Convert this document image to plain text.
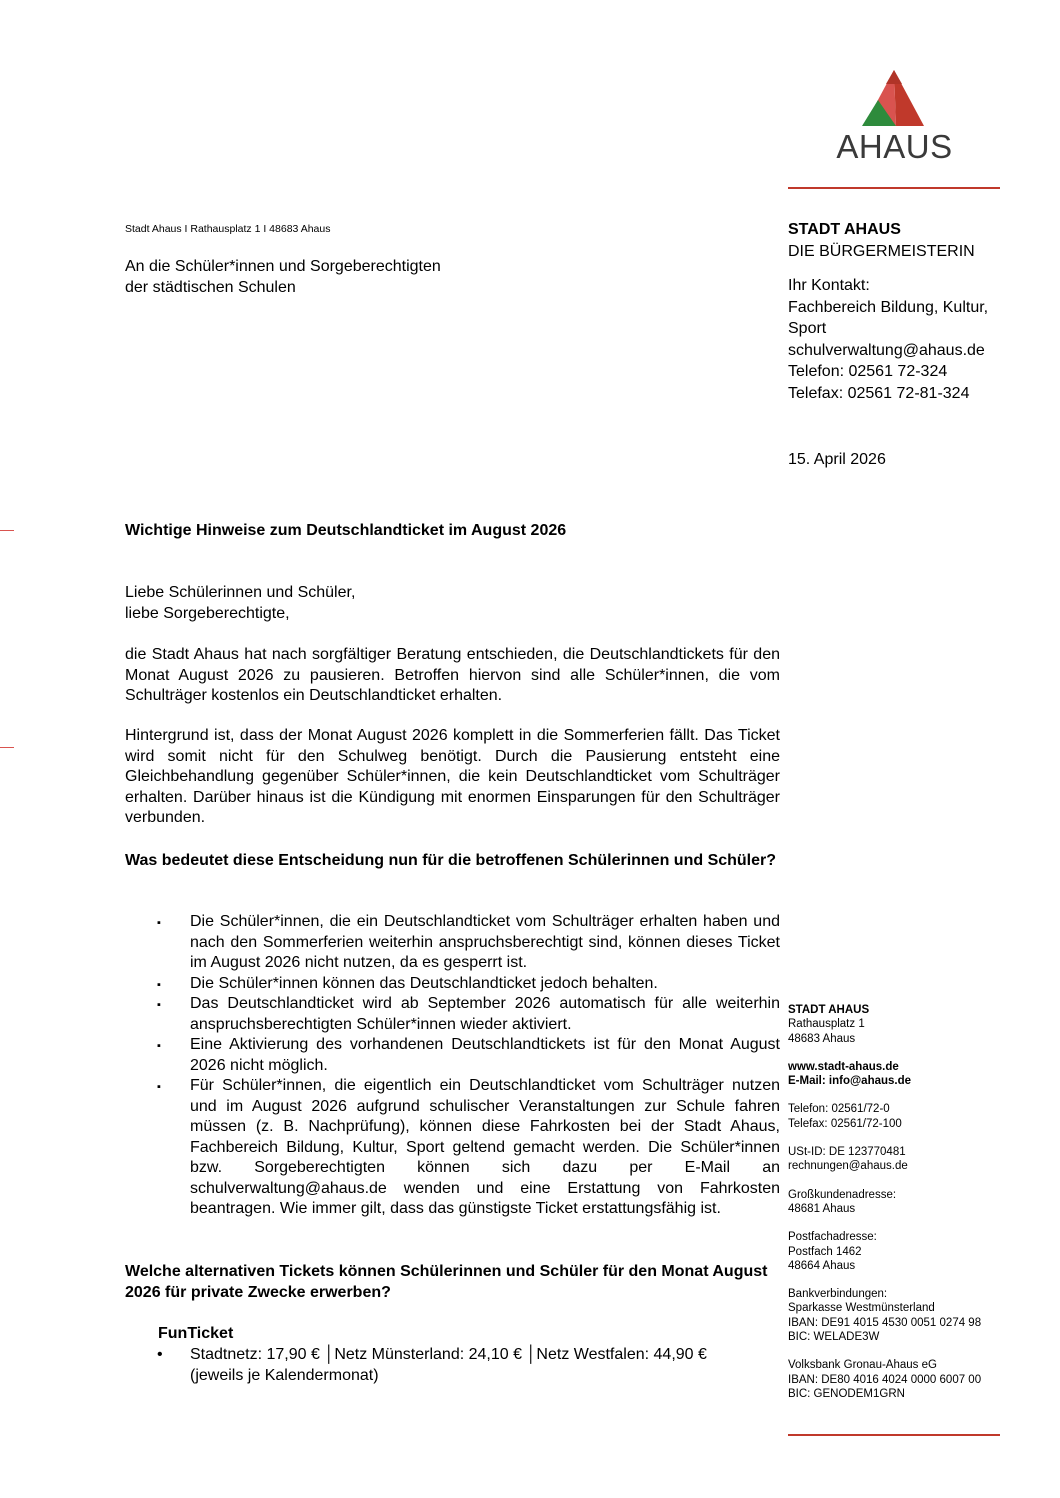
AHAUS
Stadt Ahaus I Rathausplatz 1 I 48683 Ahaus
An die Schüler*innen und Sorgeberechtigten
der städtischen Schulen
STADT AHAUS
DIE BÜRGERMEISTERIN
Ihr Kontakt:
Fachbereich Bildung, Kultur,
Sport
schulverwaltung@ahaus.de
Telefon: 02561 72-324
Telefax: 02561 72-81-324
15. April 2026
Wichtige Hinweise zum Deutschlandticket im August 2026
Liebe Schülerinnen und Schüler,
liebe Sorgeberechtigte,

die Stadt Ahaus hat nach sorgfältiger Beratung entschieden, die Deutschlandtickets für den Monat August 2026 zu pausieren. Betroffen hiervon sind alle Schüler*innen, die vom Schulträger kostenlos ein Deutschlandticket erhalten.

Hintergrund ist, dass der Monat August 2026 komplett in die Sommerferien fällt. Das Ticket wird somit nicht für den Schulweg benötigt. Durch die Pausierung entsteht eine Gleichbehandlung gegenüber Schüler*innen, die kein Deutschlandticket vom Schulträger erhalten. Darüber hinaus ist die Kündigung mit enormen Einsparungen für den Schulträger verbunden.

Was bedeutet diese Entscheidung nun für die betroffenen Schülerinnen und Schüler?

▪ Die Schüler*innen, die ein Deutschlandticket vom Schulträger erhalten haben und nach den Sommerferien weiterhin anspruchsberechtigt sind, können dieses Ticket im August 2026 nicht nutzen, da es gesperrt ist.
▪ Die Schüler*innen können das Deutschlandticket jedoch behalten.
▪ Das Deutschlandticket wird ab September 2026 automatisch für alle weiterhin anspruchsberechtigten Schüler*innen wieder aktiviert.
▪ Eine Aktivierung des vorhandenen Deutschlandtickets ist für den Monat August 2026 nicht möglich.
▪ Für Schüler*innen, die eigentlich ein Deutschlandticket vom Schulträger nutzen und im August 2026 aufgrund schulischer Veranstaltungen zur Schule fahren müssen (z. B. Nachprüfung), können diese Fahrkosten bei der Stadt Ahaus, Fachbereich Bildung, Kultur, Sport geltend gemacht werden. Die Schüler*innen bzw. Sorgeberechtigten können sich dazu per E-Mail an schulverwaltung@ahaus.de wenden und eine Erstattung von Fahrkosten beantragen. Wie immer gilt, dass das günstigste Ticket erstattungsfähig ist.

Welche alternativen Tickets können Schülerinnen und Schüler für den Monat August 2026 für private Zwecke erwerben?

FunTicket
• Stadtnetz: 17,90 € │Netz Münsterland: 24,10 € │Netz Westfalen: 44,90 €
(jeweils je Kalendermonat)
STADT AHAUS
Rathausplatz 1
48683 Ahaus
www.stadt-ahaus.de
E-Mail: info@ahaus.de
Telefon: 02561/72-0
Telefax: 02561/72-100
USt-ID: DE 123770481
rechnungen@ahaus.de
Großkundenadresse:
48681 Ahaus
Postfachadresse:
Postfach 1462
48664 Ahaus
Bankverbindungen:
Sparkasse Westmünsterland
IBAN: DE91 4015 4530 0051 0274 98
BIC: WELADE3W
Volksbank Gronau-Ahaus eG
IBAN: DE80 4016 4024 0000 6007 00
BIC: GENODEM1GRN
